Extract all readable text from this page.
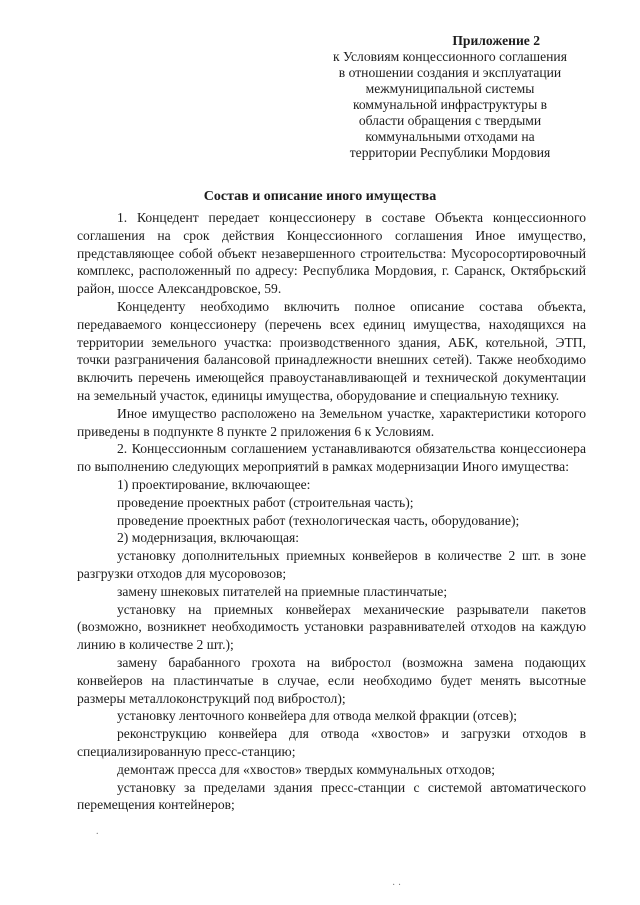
Приложение 2
к Условиям концессионного соглашения
в отношении создания и эксплуатации
межмуниципальной системы
коммунальной инфраструктуры в
области обращения с твердыми
коммунальными отходами на
территории Республики Мордовия
Состав и описание иного имущества

1. Концедент передает концессионеру в составе Объекта концессионного соглашения на срок действия Концессионного соглашения Иное имущество, представляющее собой объект незавершенного строительства: Мусоросортировочный комплекс, расположенный по адресу: Республика Мордовия, г. Саранск, Октябрьский район, шоссе Александровское, 59.

Концеденту необходимо включить полное описание состава объекта, передаваемого концессионеру (перечень всех единиц имущества, находящихся на территории земельного участка: производственного здания, АБК, котельной, ЭТП, точки разграничения балансовой принадлежности внешних сетей). Также необходимо включить перечень имеющейся правоустанавливающей и технической документации на земельный участок, единицы имущества, оборудование и специальную технику.

Иное имущество расположено на Земельном участке, характеристики которого приведены в подпункте 8 пункте 2 приложения 6 к Условиям.

2. Концессионным соглашением устанавливаются обязательства концессионера по выполнению следующих мероприятий в рамках модернизации Иного имущества:

1) проектирование, включающее:

проведение проектных работ (строительная часть);

проведение проектных работ (технологическая часть, оборудование);

2) модернизация, включающая:

установку дополнительных приемных конвейеров в количестве 2 шт. в зоне разгрузки отходов для мусоровозов;

замену шнековых питателей на приемные пластинчатые;

установку на приемных конвейерах механические разрыватели пакетов (возможно, возникнет необходимость установки разравнивателей отходов на каждую линию в количестве 2 шт.);

замену барабанного грохота на вибростол (возможна замена подающих конвейеров на пластинчатые в случае, если необходимо будет менять высотные размеры металлоконструкций под вибростол);

установку ленточного конвейера для отвода мелкой фракции (отсев);

реконструкцию конвейера для отвода «хвостов» и загрузки отходов в специализированную пресс-станцию;

демонтаж пресса для «хвостов» твердых коммунальных отходов;

установку за пределами здания пресс-станции с системой автоматического перемещения контейнеров;

.
· ·
